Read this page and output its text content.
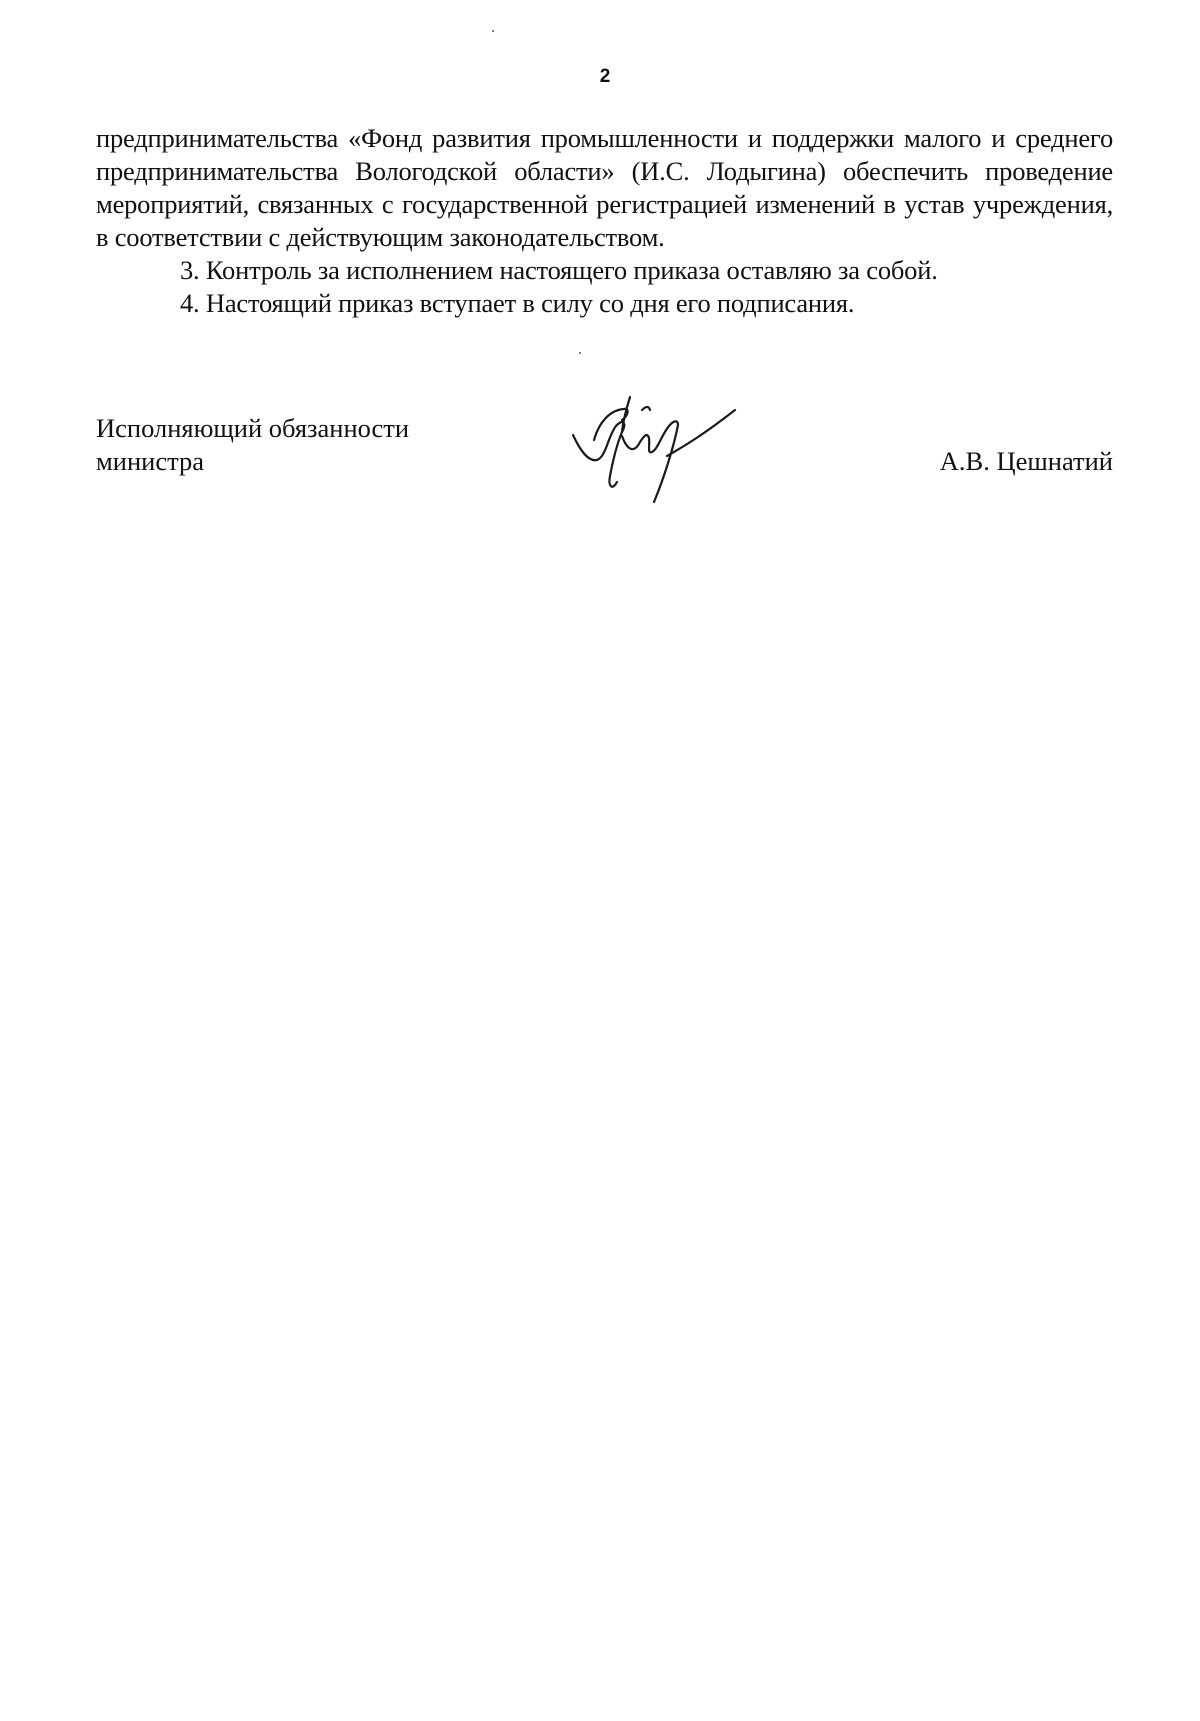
2

предпринимательства «Фонд развития промышленности и поддержки малого и среднего предпринимательства Вологодской области» (И.С. Лодыгина) обеспечить проведение мероприятий, связанных с государственной регистрацией изменений в устав учреждения, в соответствии с действующим законодательством.

3. Контроль за исполнением настоящего приказа оставляю за собой.

4. Настоящий приказ вступает в силу со дня его подписания.

Исполняющий обязанности
министра	А.В. Цешнатий
